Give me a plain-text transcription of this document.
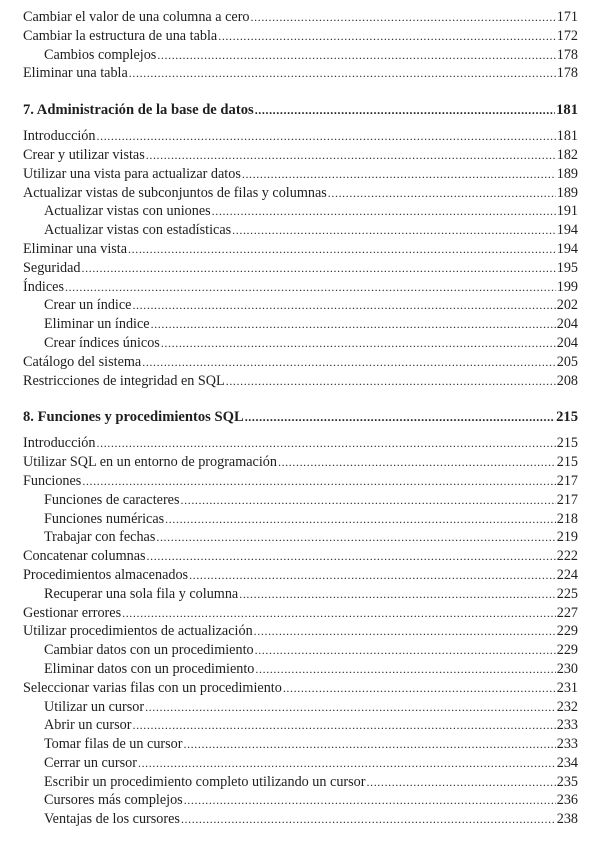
Cambiar el valor de una columna a cero .....	171
Cambiar la estructura de una tabla .....	172
Cambios complejos .....	178
Eliminar una tabla .....	178
7. Administración de la base de datos .....	181
Introducción .....	181
Crear y utilizar vistas .....	182
Utilizar una vista para actualizar datos .....	189
Actualizar vistas de subconjuntos de filas y columnas .....	189
Actualizar vistas con uniones .....	191
Actualizar vistas con estadísticas .....	194
Eliminar una vista .....	194
Seguridad .....	195
Índices .....	199
Crear un índice .....	202
Eliminar un índice .....	204
Crear índices únicos .....	204
Catálogo del sistema .....	205
Restricciones de integridad en SQL .....	208
8. Funciones y procedimientos SQL .....	215
Introducción .....	215
Utilizar SQL en un entorno de programación .....	215
Funciones .....	217
Funciones de caracteres .....	217
Funciones numéricas .....	218
Trabajar con fechas .....	219
Concatenar columnas .....	222
Procedimientos almacenados .....	224
Recuperar una sola fila y columna .....	225
Gestionar errores .....	227
Utilizar procedimientos de actualización .....	229
Cambiar datos con un procedimiento .....	229
Eliminar datos con un procedimiento .....	230
Seleccionar varias filas con un procedimiento .....	231
Utilizar un cursor .....	232
Abrir un cursor .....	233
Tomar filas de un cursor .....	233
Cerrar un cursor .....	234
Escribir un procedimiento completo utilizando un cursor .....	235
Cursores más complejos .....	236
Ventajas de los cursores .....	238
